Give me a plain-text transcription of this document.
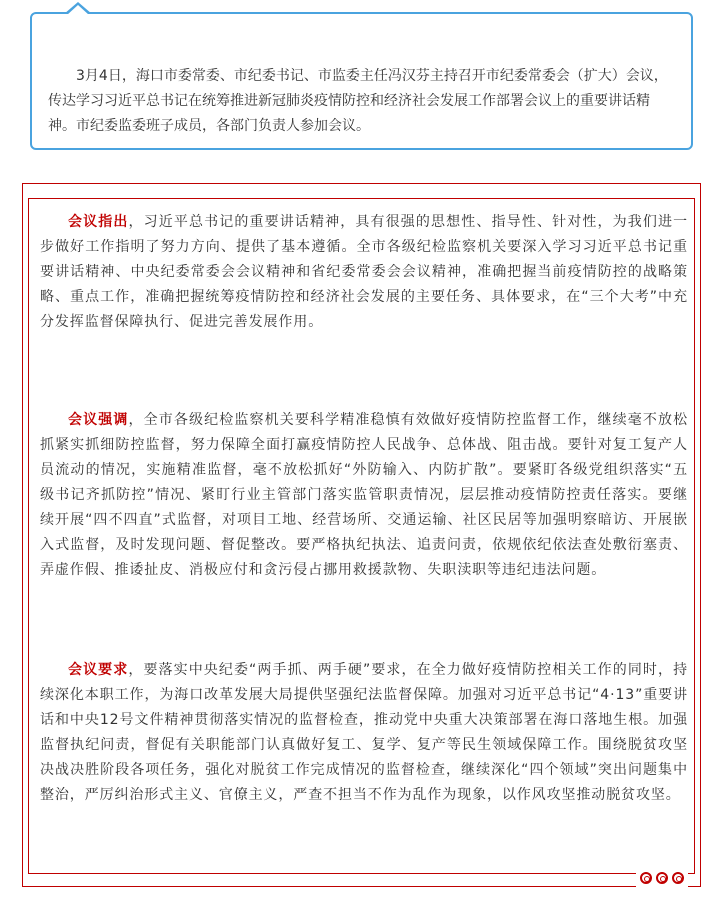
3月4日，海口市委常委、市纪委书记、市监委主任冯汉芬主持召开市纪委常委会（扩大）会议，传达学习习近平总书记在统筹推进新冠肺炎疫情防控和经济社会发展工作部署会议上的重要讲话精神。市纪委监委班子成员，各部门负责人参加会议。

会议指出，习近平总书记的重要讲话精神，具有很强的思想性、指导性、针对性，为我们进一步做好工作指明了努力方向、提供了基本遵循。全市各级纪检监察机关要深入学习习近平总书记重要讲话精神、中央纪委常委会会议精神和省纪委常委会会议精神，准确把握当前疫情防控的战略策略、重点工作，准确把握统筹疫情防控和经济社会发展的主要任务、具体要求，在“三个大考”中充分发挥监督保障执行、促进完善发展作用。

会议强调，全市各级纪检监察机关要科学精准稳慎有效做好疫情防控监督工作，继续毫不放松抓紧实抓细防控监督，努力保障全面打赢疫情防控人民战争、总体战、阻击战。要针对复工复产人员流动的情况，实施精准监督，毫不放松抓好“外防输入、内防扩散”。要紧盯各级党组织落实“五级书记齐抓防控”情况、紧盯行业主管部门落实监管职责情况，层层推动疫情防控责任落实。要继续开展“四不四直”式监督，对项目工地、经营场所、交通运输、社区民居等加强明察暗访、开展嵌入式监督，及时发现问题、督促整改。要严格执纪执法、追责问责，依规依纪依法查处敷衍塞责、弄虚作假、推诿扯皮、消极应付和贪污侵占挪用救援款物、失职渎职等违纪违法问题。

会议要求，要落实中央纪委“两手抓、两手硬”要求，在全力做好疫情防控相关工作的同时，持续深化本职工作，为海口改革发展大局提供坚强纪法监督保障。加强对习近平总书记“4·13”重要讲话和中央12号文件精神贯彻落实情况的监督检查，推动党中央重大决策部署在海口落地生根。加强监督执纪问责，督促有关职能部门认真做好复工、复学、复产等民生领域保障工作。围绕脱贫攻坚决战决胜阶段各项任务，强化对脱贫工作完成情况的监督检查，继续深化“四个领域”突出问题集中整治，严厉纠治形式主义、官僚主义，严查不担当不作为乱作为现象，以作风攻坚推动脱贫攻坚。
